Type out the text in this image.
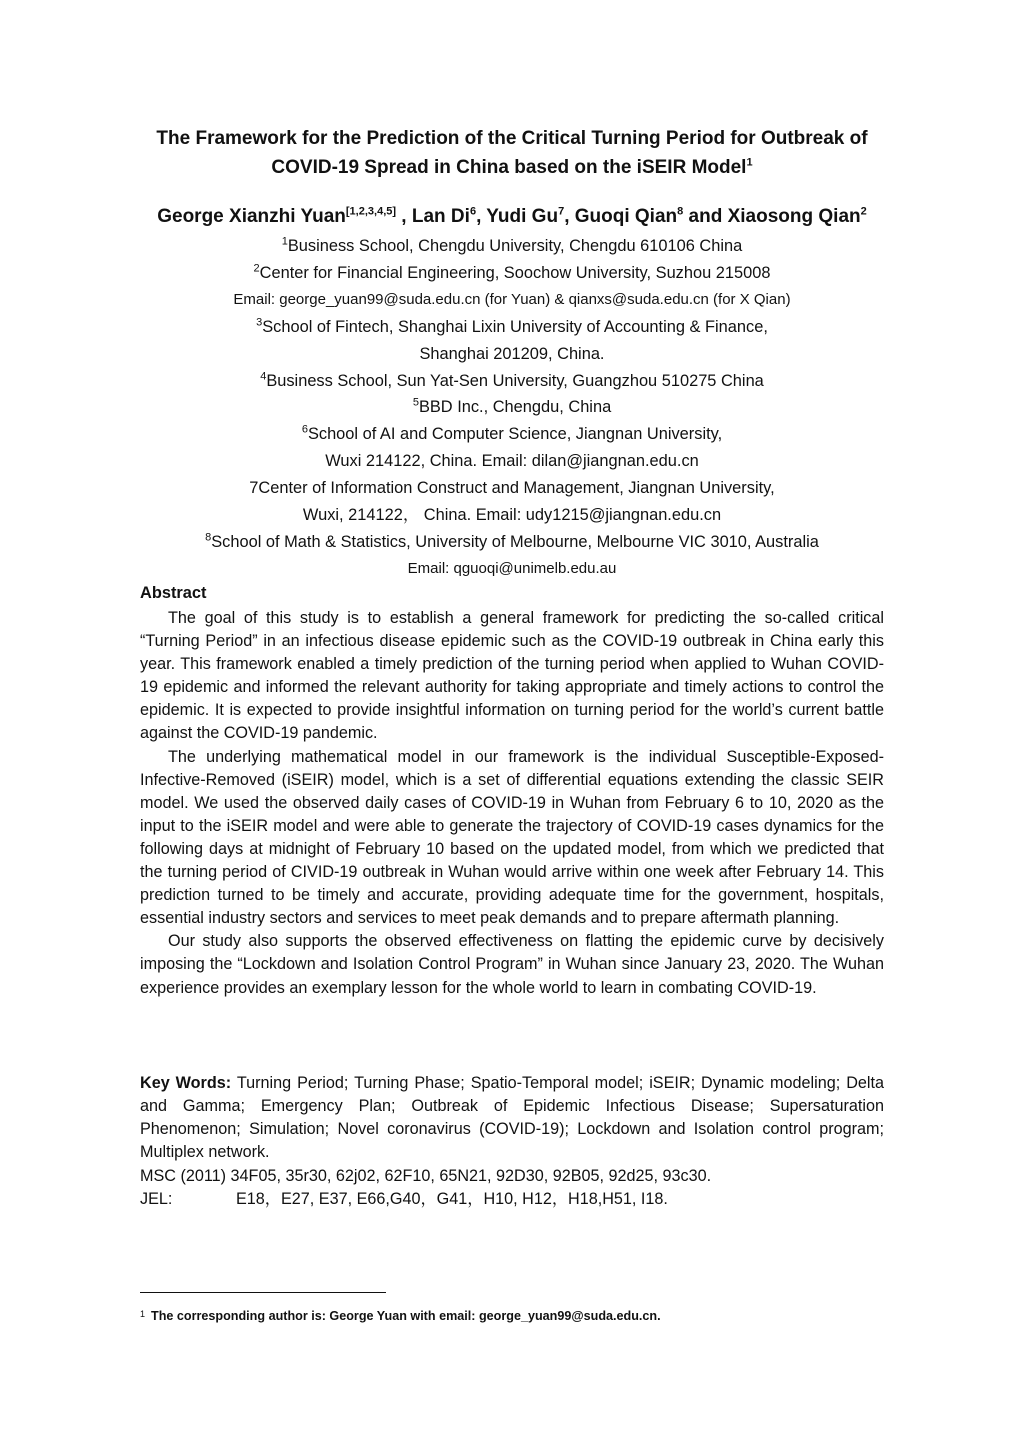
The Framework for the Prediction of the Critical Turning Period for Outbreak of
COVID-19 Spread in China based on the iSEIR Model$^1$
George Xianzhi Yuan[1,2,3,4,5] , Lan Di$^6$, Yudi Gu$^7$, Guoqi Qian$^8$ and Xiaosong Qian$^2$
$^1$Business School, Chengdu University, Chengdu 610106 China
$^2$Center for Financial Engineering, Soochow University, Suzhou 215008
Email: george_yuan99@suda.edu.cn (for Yuan) & qianxs@suda.edu.cn (for X Qian)
$^3$School of Fintech, Shanghai Lixin University of Accounting & Finance,
Shanghai 201209, China.
$^4$Business School, Sun Yat-Sen University, Guangzhou 510275 China
$^5$BBD Inc., Chengdu, China
$^6$School of AI and Computer Science, Jiangnan University,
Wuxi 214122, China. Email: dilan@jiangnan.edu.cn
7Center of Information Construct and Management, Jiangnan University,
Wuxi, 214122， China. Email: udy1215@jiangnan.edu.cn
$^8$School of Math & Statistics, University of Melbourne, Melbourne VIC 3010, Australia
Email: qguoqi@unimelb.edu.au
Abstract

The goal of this study is to establish a general framework for predicting the so-called critical “Turning Period” in an infectious disease epidemic such as the COVID-19 outbreak in China early this year. This framework enabled a timely prediction of the turning period when applied to Wuhan COVID-19 epidemic and informed the relevant authority for taking appropriate and timely actions to control the epidemic. It is expected to provide insightful information on turning period for the world’s current battle against the COVID-19 pandemic.

The underlying mathematical model in our framework is the individual Susceptible-Exposed-Infective-Removed (iSEIR) model, which is a set of differential equations extending the classic SEIR model. We used the observed daily cases of COVID-19 in Wuhan from February 6 to 10, 2020 as the input to the iSEIR model and were able to generate the trajectory of COVID-19 cases dynamics for the following days at midnight of February 10 based on the updated model, from which we predicted that the turning period of CIVID-19 outbreak in Wuhan would arrive within one week after February 14. This prediction turned to be timely and accurate, providing adequate time for the government, hospitals, essential industry sectors and services to meet peak demands and to prepare aftermath planning.

Our study also supports the observed effectiveness on flatting the epidemic curve by decisively imposing the “Lockdown and Isolation Control Program” in Wuhan since January 23, 2020. The Wuhan experience provides an exemplary lesson for the whole world to learn in combating COVID-19.

Key Words: Turning Period; Turning Phase; Spatio-Temporal model; iSEIR; Dynamic modeling; Delta and Gamma; Emergency Plan; Outbreak of Epidemic Infectious Disease; Supersaturation Phenomenon; Simulation; Novel coronavirus (COVID-19); Lockdown and Isolation control program; Multiplex network.
MSC (2011) 34F05, 35r30, 62j02, 62F10, 65N21, 92D30, 92B05, 92d25, 93c30.
JEL:	E18，E27, E37, E66,G40，G41，H10, H12，H18,H51, I18.
$^1$ The corresponding author is: George Yuan with email: george_yuan99@suda.edu.cn.
